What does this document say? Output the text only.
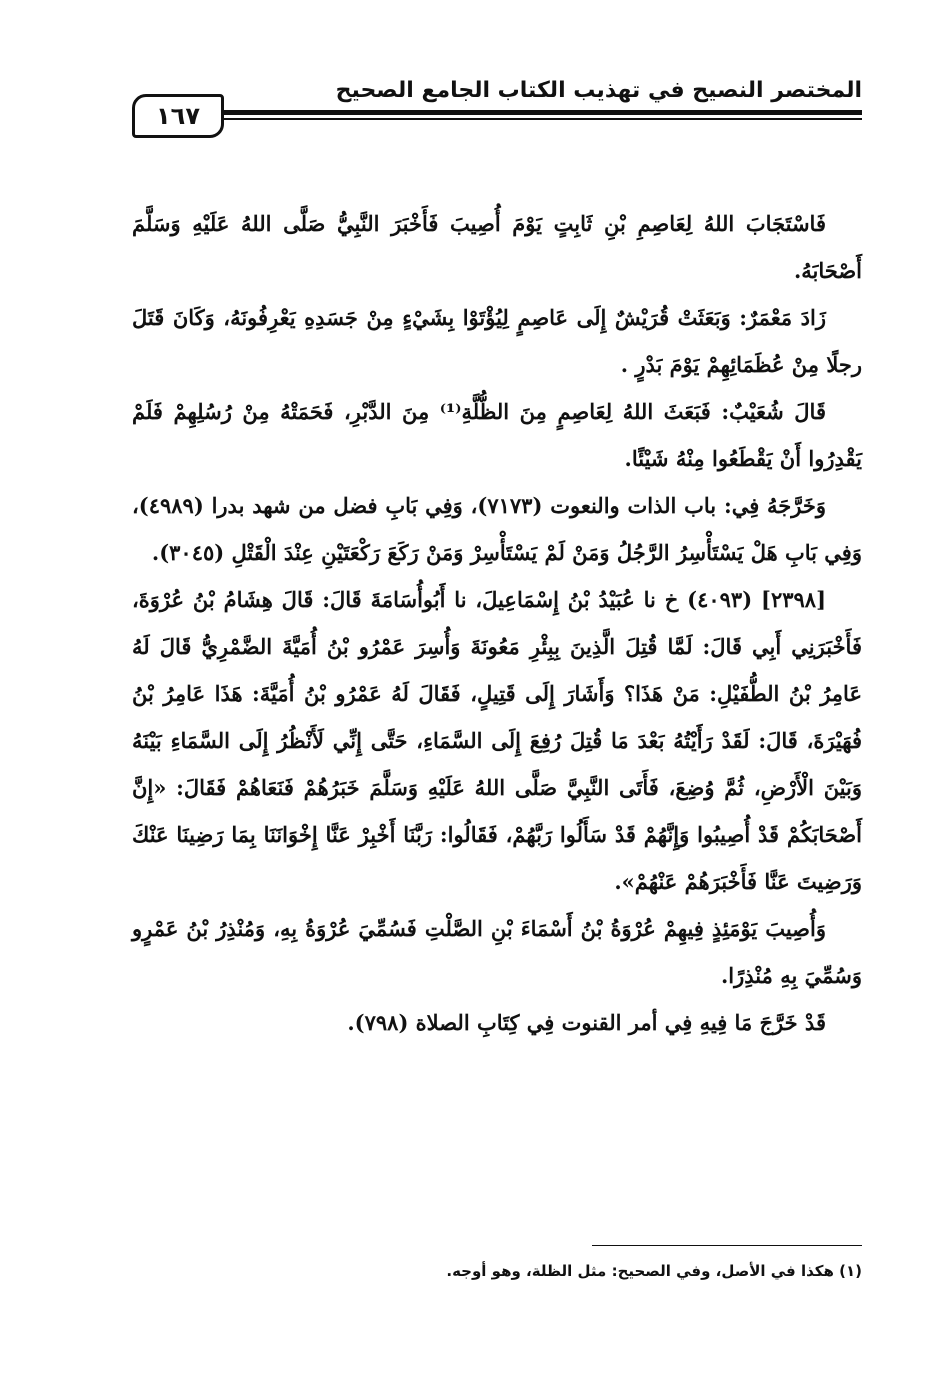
المختصر النصيح في تهذيب الكتاب الجامع الصحيح
١٦٧

فَاسْتَجَابَ اللهُ لِعَاصِمِ بْنِ ثَابِتٍ يَوْمَ أُصِيبَ فَأَخْبَرَ النَّبِيُّ صَلَّى اللهُ عَلَيْهِ وَسَلَّمَ أَصْحَابَهُ.

زَادَ مَعْمَرٌ: وَبَعَثَتْ قُرَيْشٌ إِلَى عَاصِمٍ لِيُؤْتَوْا بِشَيْءٍ مِنْ جَسَدِهِ يَعْرِفُونَهُ، وَكَانَ قَتَلَ رجلًا مِنْ عُظَمَائِهِمْ يَوْمَ بَدْرٍ .

قَالَ شُعَيْبٌ: فَبَعَثَ اللهُ لِعَاصِمٍ مِنَ الظُّلَّةِ⁽¹⁾ مِنَ الدَّبْرِ، فَحَمَتْهُ مِنْ رُسُلِهِمْ فَلَمْ يَقْدِرُوا أَنْ يَقْطَعُوا مِنْهُ شَيْئًا.

وَخَرَّجَهُ فِي: باب الذات والنعوت (٧١٧٣)، وَفِي بَابِ فضل من شهد بدرا (٤٩٨٩)، وَفِي بَابِ هَلْ يَسْتَأْسِرُ الرَّجُلُ وَمَنْ لَمْ يَسْتَأْسِرْ وَمَنْ رَكَعَ رَكْعَتَيْنِ عِنْدَ الْقَتْلِ (٣٠٤٥).

[٢٣٩٨] (٤٠٩٣) خ نا عُبَيْدُ بْنُ إِسْمَاعِيلَ، نا أَبُوأُسَامَةَ قَالَ: قَالَ هِشَامُ بْنُ عُرْوَةَ، فَأَخْبَرَنِي أَبِي قَالَ: لَمَّا قُتِلَ الَّذِينَ بِبِئْرِ مَعُونَةَ وَأُسِرَ عَمْرُو بْنُ أُمَيَّةَ الضَّمْرِيُّ قَالَ لَهُ عَامِرُ بْنُ الطُّفَيْلِ: مَنْ هَذَا؟ وَأَشَارَ إِلَى قَتِيلٍ، فَقَالَ لَهُ عَمْرُو بْنُ أُمَيَّةَ: هَذَا عَامِرُ بْنُ فُهَيْرَةَ، قَالَ: لَقَدْ رَأَيْتُهُ بَعْدَ مَا قُتِلَ رُفِعَ إِلَى السَّمَاءِ، حَتَّى إِنِّي لَأَنْظُرُ إِلَى السَّمَاءِ بَيْنَهُ وَبَيْنَ الْأَرْضِ، ثُمَّ وُضِعَ، فَأَتَى النَّبِيَّ صَلَّى اللهُ عَلَيْهِ وَسَلَّمَ خَبَرُهُمْ فَنَعَاهُمْ فَقَالَ: «إِنَّ أَصْحَابَكُمْ قَدْ أُصِيبُوا وَإِنَّهُمْ قَدْ سَأَلُوا رَبَّهُمْ، فَقَالُوا: رَبَّنَا أَخْبِرْ عَنَّا إِخْوَانَنَا بِمَا رَضِينَا عَنْكَ وَرَضِيتَ عَنَّا فَأَخْبَرَهُمْ عَنْهُمْ».

وَأُصِيبَ يَوْمَئِذٍ فِيهِمْ عُرْوَةُ بْنُ أَسْمَاءَ بْنِ الصَّلْتِ فَسُمِّيَ عُرْوَةُ بِهِ، وَمُنْذِرُ بْنُ عَمْرٍو وَسُمِّيَ بِهِ مُنْذِرًا.

قَدْ خَرَّجَ مَا فِيهِ فِي أمر القنوت فِي كِتَابِ الصلاة (٧٩٨).

(١) هكذا في الأصل، وفي الصحيح: مثل الظلة، وهو أوجه.
